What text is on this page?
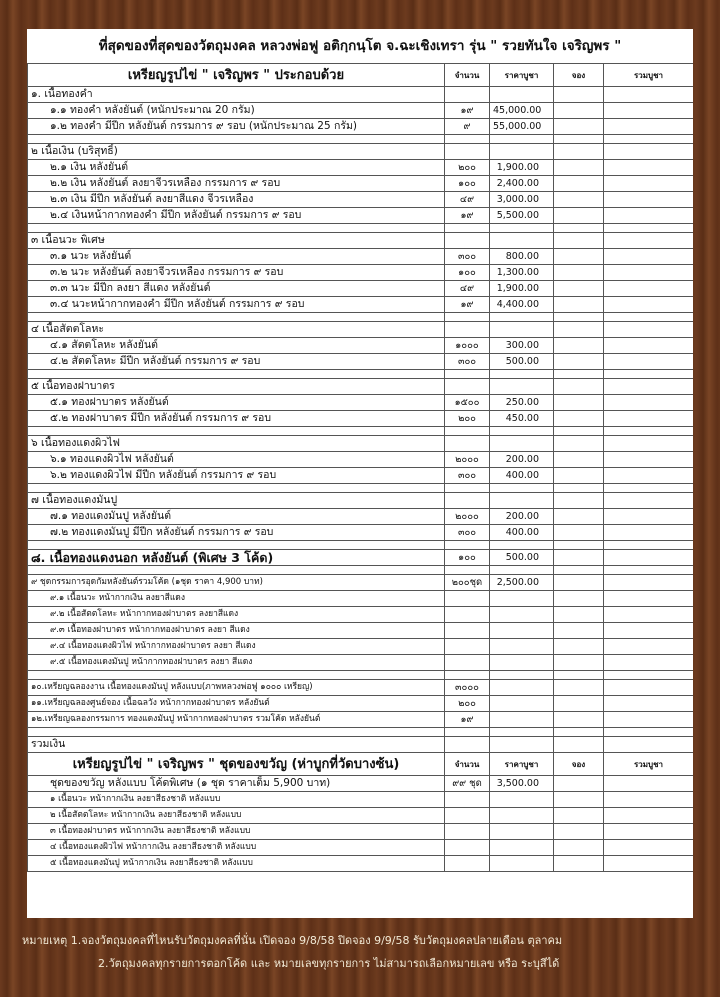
ที่สุดของที่สุดของวัตถุมงคล หลวงพ่อฟู อติกฺกนฺโต จ.ฉะเชิงเทรา รุ่น " รวยทันใจ เจริญพร "
เหรียญรูปไข่ " เจริญพร " ประกอบด้วย	จำนวน	ราคาบูชา	จอง	รวมบูชา
๑. เนื้อทองคำ				
๑.๑ ทองคำ หลังยันต์ (หนักประมาณ 20 กรัม)	๑๙	45,000.00		
๑.๒ ทองคำ มีปีก หลังยันต์ กรรมการ ๙ รอบ (หนักประมาณ 25 กรัม)	๙	55,000.00		

๒ เนื้อเงิน (บริสุทธิ์)				
๒.๑ เงิน หลังยันต์	๒๐๐	1,900.00		
๒.๒ เงิน หลังยันต์ ลงยาจีวรเหลือง กรรมการ ๙ รอบ	๑๐๐	2,400.00		
๒.๓ เงิน มีปีก หลังยันต์ ลงยาสีแดง จีวรเหลือง	๔๙	3,000.00		
๒.๔ เงินหน้ากากทองคำ มีปีก หลังยันต์ กรรมการ ๙ รอบ	๑๙	5,500.00		

๓ เนื้อนวะ พิเศษ				
๓.๑ นวะ หลังยันต์	๓๐๐	800.00		
๓.๒ นวะ หลังยันต์ ลงยาจีวรเหลือง กรรมการ ๙ รอบ	๑๐๐	1,300.00		
๓.๓ นวะ มีปีก ลงยา สีแดง หลังยันต์	๔๙	1,900.00		
๓.๔ นวะหน้ากากทองคำ มีปีก หลังยันต์ กรรมการ ๙ รอบ	๑๙	4,400.00		

๔ เนื้อสัตตโลหะ				
๔.๑ สัตตโลหะ หลังยันต์	๑๐๐๐	300.00		
๔.๒ สัตตโลหะ มีปีก หลังยันต์ กรรมการ ๙ รอบ	๓๐๐	500.00		

๕ เนื้อทองฝาบาตร				
๕.๑ ทองฝาบาตร หลังยันต์	๑๕๐๐	250.00		
๕.๒ ทองฝาบาตร มีปีก หลังยันต์ กรรมการ ๙ รอบ	๒๐๐	450.00		

๖ เนื้อทองแดงผิวไฟ				
๖.๑ ทองแดงผิวไฟ หลังยันต์	๒๐๐๐	200.00		
๖.๒ ทองแดงผิวไฟ มีปีก หลังยันต์ กรรมการ ๙ รอบ	๓๐๐	400.00		

๗ เนื้อทองแดงมันปู				
๗.๑ ทองแดงมันปู หลังยันต์	๒๐๐๐	200.00		
๗.๒ ทองแดงมันปู มีปีก หลังยันต์ กรรมการ ๙ รอบ	๓๐๐	400.00		

๘. เนื้อทองแดงนอก หลังยันต์ (พิเศษ 3 โค้ด)	๑๐๐	500.00		

๙ ชุดกรรมการอุดกัมหลังยันต์รวมโค้ด (๑ชุด ราคา 4,900 บาท)	๒๐๐ชุด	2,500.00		
๙.๑ เนื้อนวะ หน้ากากเงิน ลงยาสีแดง				
๙.๒ เนื้อสัตตโลหะ หน้ากากทองฝาบาตร ลงยาสีแดง				
๙.๓ เนื้อทองฝาบาตร หน้ากากทองฝาบาตร ลงยา สีแดง				
๙.๔ เนื้อทองแดงผิวไฟ หน้ากากทองฝาบาตร ลงยา สีแดง				
๙.๕ เนื้อทองแดงมันปู หน้ากากทองฝาบาตร ลงยา สีแดง				

๑๐.เหรียญฉลองงาน เนื้อทองแดงมันปู หลังแบบ(ภาพหลวงพ่อฟู ๑๐๐๐ เหรียญ)	๓๐๐๐			
๑๑.เหรียญฉลองศูนย์จอง เนื้อฉลวัง หน้ากากทองฝาบาตร หลังยันต์	๒๐๐			
๑๒.เหรียญฉลองกรรมการ ทองแดงมันปู หน้ากากทองฝาบาตร รวมโค้ด หลังยันต์	๑๙			

รวมเงิน				
เหรียญรูปไข่ " เจริญพร " ชุดของขวัญ (ห่าบูกที่วัดบางซ้น)	จำนวน	ราคาบูชา	จอง	รวมบูชา
ชุดของขวัญ หลังแบบ โค้ดพิเศษ (๑ ชุด ราคาเต็ม 5,900 บาท)	๙๙ ชุด	3,500.00		
๑ เนื้อนวะ หน้ากากเงิน ลงยาสีธงชาติ หลังแบบ				
๒ เนื้อสัตตโลหะ หน้ากากเงิน ลงยาสีธงชาติ หลังแบบ				
๓ เนื้อทองฝาบาตร หน้ากากเงิน ลงยาสีธงชาติ หลังแบบ				
๔ เนื้อทองแดงผิวไฟ หน้ากากเงิน ลงยาสีธงชาติ หลังแบบ				
๕ เนื้อทองแดงมันปู หน้ากากเงิน ลงยาสีธงชาติ หลังแบบ				
หมายเหตุ 1.จองวัตถุมงคลที่ไหนรับวัตถุมงคลที่นั่น เปิดจอง 9/8/58 ปิดจอง 9/9/58 รับวัตถุมงคลปลายเดือน ตุลาคม
2.วัตถุมงคลทุกรายการตอกโค้ด และ หมายเลขทุกรายการ ไม่สามารถเลือกหมายเลข หรือ ระบุสีได้
